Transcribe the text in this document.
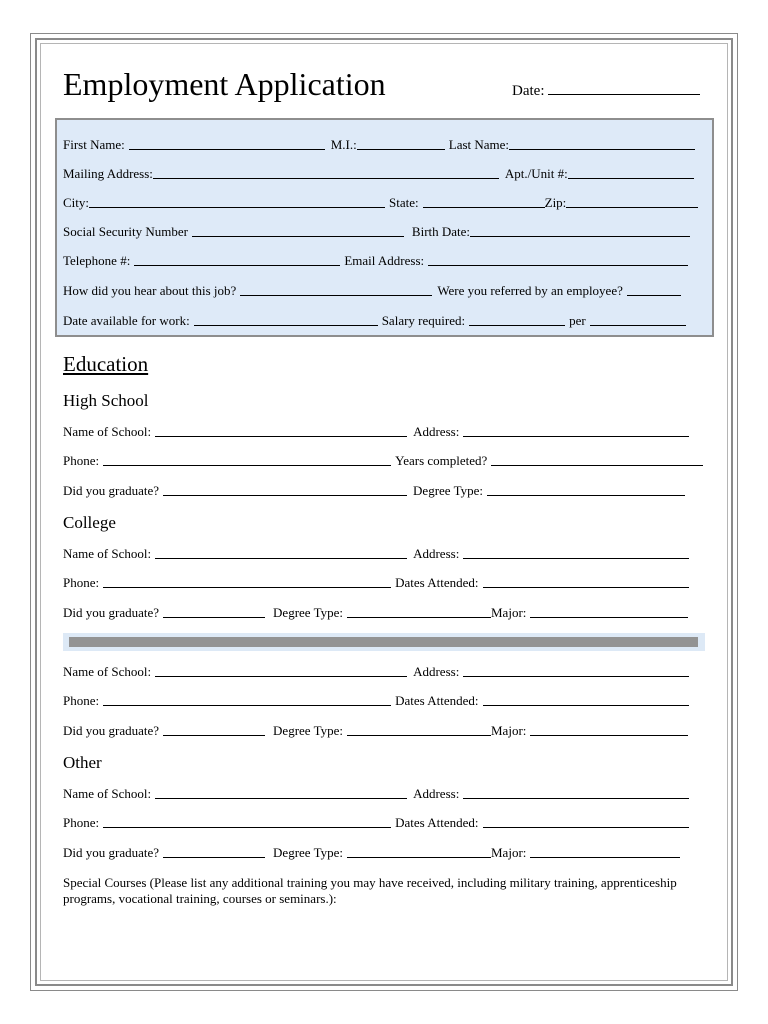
Employment Application	Date:
First Name:	M.I.:	Last Name:
Mailing Address:	Apt./Unit #:
City:	State:	Zip:
Social Security Number	Birth Date:
Telephone #:	Email Address:
How did you hear about this job?	Were you referred by an employee?
Date available for work:	Salary required:	per
Education
High School
Name of School:	Address:
Phone:	Years completed?
Did you graduate?	Degree Type:
College
Name of School:	Address:
Phone:	Dates Attended:
Did you graduate?	Degree Type:	Major:
Name of School:	Address:
Phone:	Dates Attended:
Did you graduate?	Degree Type:	Major:
Other
Name of School:	Address:
Phone:	Dates Attended:
Did you graduate?	Degree Type:	Major:
Special Courses (Please list any additional training you may have received, including military training, apprenticeship programs, vocational training, courses or seminars.):
